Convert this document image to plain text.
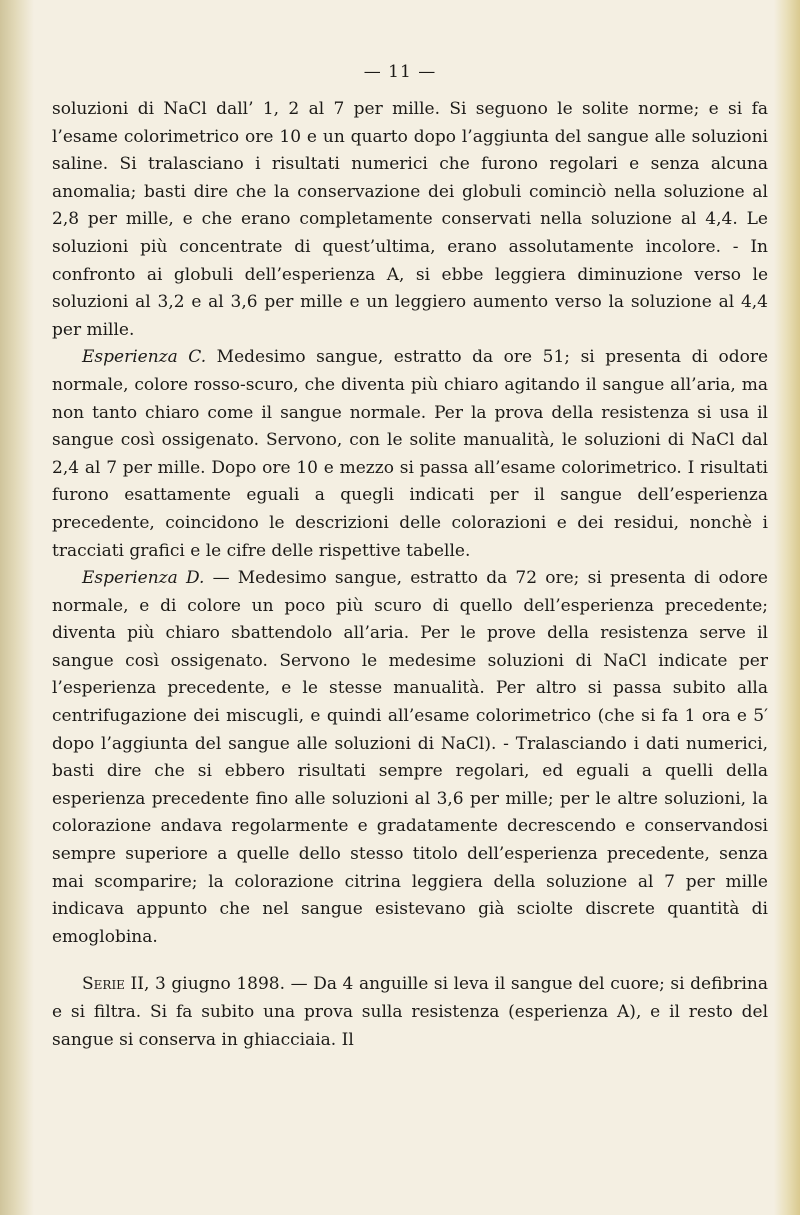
— 11 —

soluzioni di NaCl dall’ 1, 2 al 7 per mille. Si seguono le solite norme; e si fa l’esame colorimetrico ore 10 e un quarto dopo l’aggiunta del sangue alle soluzioni saline. Si tralasciano i risultati numerici che furono regolari e senza alcuna anomalia; basti dire che la conservazione dei globuli cominciò nella soluzione al 2,8 per mille, e che erano completamente conservati nella soluzione al 4,4. Le soluzioni più concentrate di quest’ultima, erano assolutamente incolore. - In confronto ai globuli dell’esperienza A, si ebbe leggiera diminuzione verso le soluzioni al 3,2 e al 3,6 per mille e un leggiero aumento verso la soluzione al 4,4 per mille.

Esperienza C. Medesimo sangue, estratto da ore 51; si presenta di odore normale, colore rosso-scuro, che diventa più chiaro agitando il sangue all’aria, ma non tanto chiaro come il sangue normale. Per la prova della resistenza si usa il sangue così ossigenato. Servono, con le solite manualità, le soluzioni di NaCl dal 2,4 al 7 per mille. Dopo ore 10 e mezzo si passa all’esame colorimetrico. I risultati furono esattamente eguali a quegli indicati per il sangue dell’esperienza precedente, coincidono le descrizioni delle colorazioni e dei residui, nonchè i tracciati grafici e le cifre delle rispettive tabelle.

Esperienza D. — Medesimo sangue, estratto da 72 ore; si presenta di odore normale, e di colore un poco più scuro di quello dell’esperienza precedente; diventa più chiaro sbattendolo all’aria. Per le prove della resistenza serve il sangue così ossigenato. Servono le medesime soluzioni di NaCl indicate per l’esperienza precedente, e le stesse manualità. Per altro si passa subito alla centrifugazione dei miscugli, e quindi all’esame colorimetrico (che si fa 1 ora e 5′ dopo l’aggiunta del sangue alle soluzioni di NaCl). - Tralasciando i dati numerici, basti dire che si ebbero risultati sempre regolari, ed eguali a quelli della esperienza precedente fino alle soluzioni al 3,6 per mille; per le altre soluzioni, la colorazione andava regolarmente e gradatamente decrescendo e conservandosi sempre superiore a quelle dello stesso titolo dell’esperienza precedente, senza mai scomparire; la colorazione citrina leggiera della soluzione al 7 per mille indicava appunto che nel sangue esistevano già sciolte discrete quantità di emoglobina.

Serie II, 3 giugno 1898. — Da 4 anguille si leva il sangue del cuore; si defibrina e si filtra. Si fa subito una prova sulla resistenza (esperienza A), e il resto del sangue si conserva in ghiacciaia. Il
